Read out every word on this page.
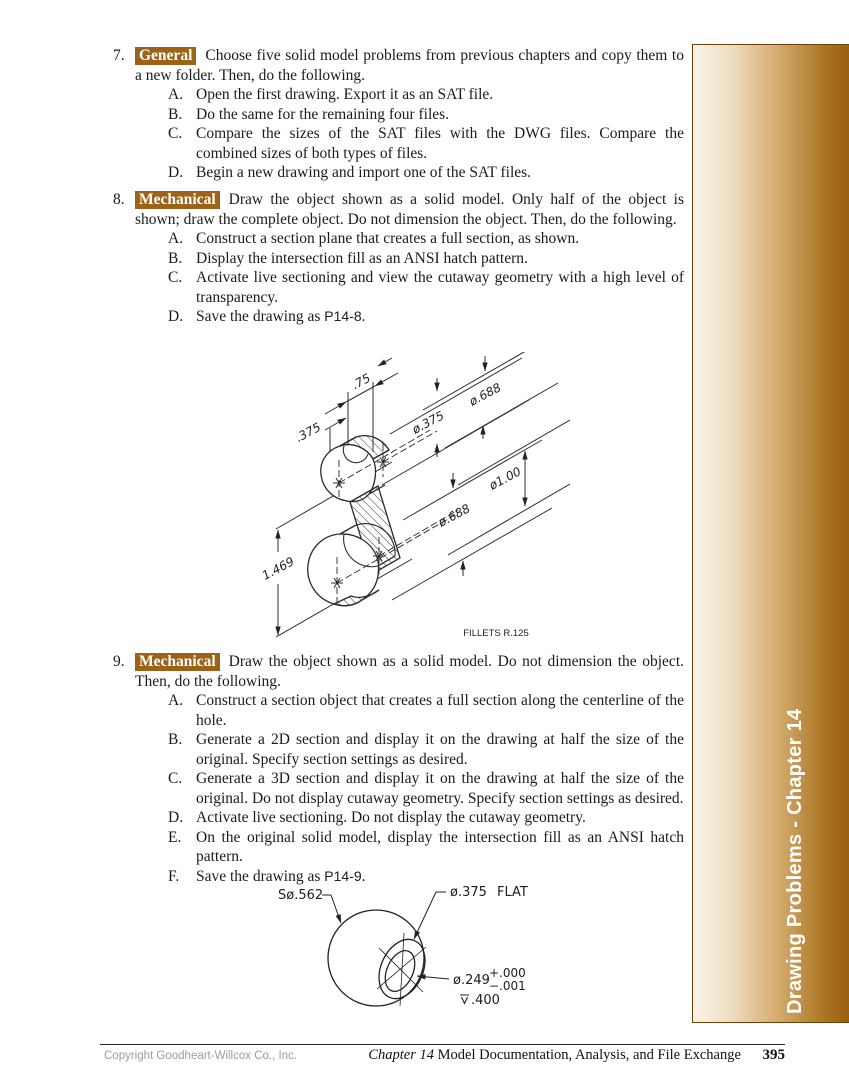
7. General Choose five solid model problems from previous chapters and copy them to a new folder. Then, do the following.

A. Open the first drawing. Export it as an SAT file.
B. Do the same for the remaining four files.
C. Compare the sizes of the SAT files with the DWG files. Compare the combined sizes of both types of files.
D. Begin a new drawing and import one of the SAT files.
8. Mechanical Draw the object shown as a solid model. Only half of the object is shown; draw the complete object. Do not dimension the object. Then, do the following.

A. Construct a section plane that creates a full section, as shown.
B. Display the intersection fill as an ANSI hatch pattern.
C. Activate live sectioning and view the cutaway geometry with a high level of transparency.
D. Save the drawing as P14-8.
.75
.375	ø.375
ø.688
ø1.00
ø.688
1.469
FILLETS R.125
9. Mechanical Draw the object shown as a solid model. Do not dimension the object. Then, do the following.

A. Construct a section object that creates a full section along the centerline of the hole.
B. Generate a 2D section and display it on the drawing at half the size of the original. Specify section settings as desired.
C. Generate a 3D section and display it on the drawing at half the size of the original. Do not display cutaway geometry. Specify section settings as desired.
D. Activate live sectioning. Do not display the cutaway geometry.
E. On the original solid model, display the intersection fill as an ANSI hatch pattern.
F.	Save the drawing as P14-9.
Sø.562	ø.375 FLAT
ø.249 +.000
−.001
.400	Drawing Problems - Chapter 14
Copyright Goodheart-Willcox Co., Inc.	Chapter 14 Model Documentation, Analysis, and File Exchange 395
